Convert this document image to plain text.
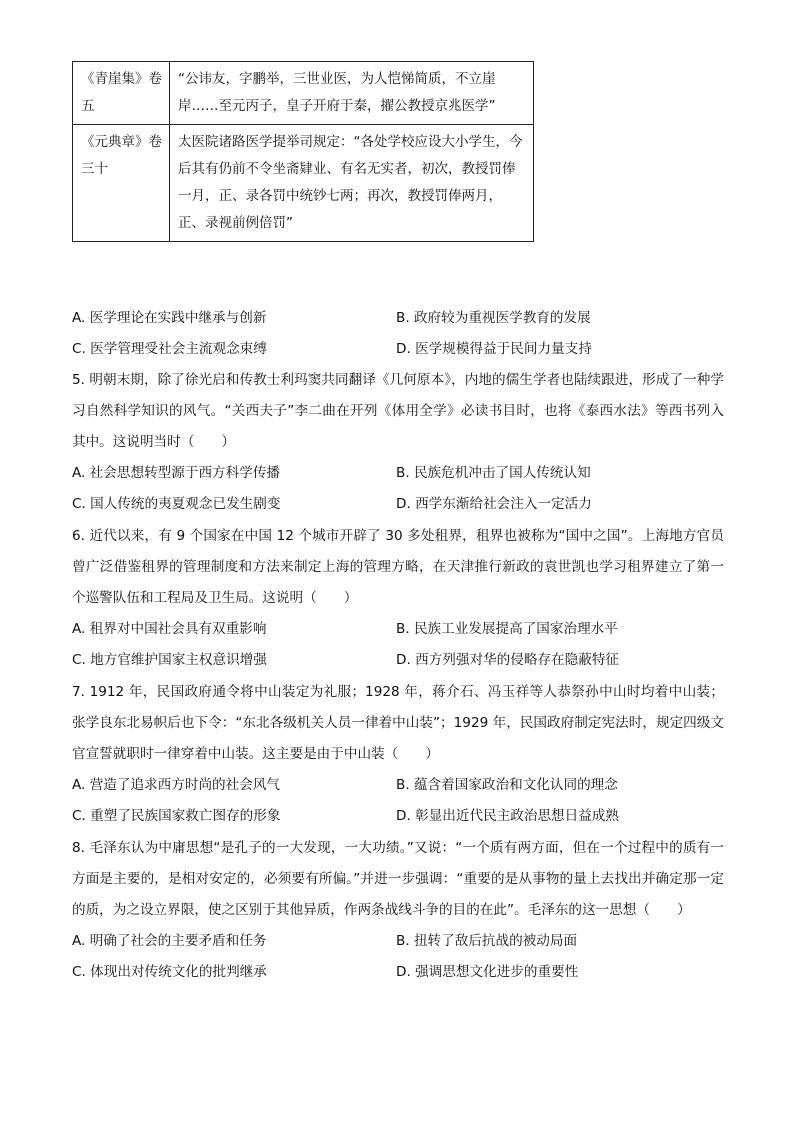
《青崖集》卷五	“公讳友，字鹏举，三世业医，为人恺悌简质，不立崖岸……至元丙子，皇子开府于秦，擢公教授京兆医学”
《元典章》卷三十	太医院诸路医学提举司规定：“各处学校应设大小学生，今后其有仍前不令坐斋肄业、有名无实者，初次，教授罚俸一月，正、录各罚中统钞七两；再次，教授罚俸两月，正、录视前例倍罚”
A. 医学理论在实践中继承与创新	B. 政府较为重视医学教育的发展
C. 医学管理受社会主流观念束缚	D. 医学规模得益于民间力量支持

5. 明朝末期，除了徐光启和传教士利玛窦共同翻译《几何原本》，内地的儒生学者也陆续跟进，形成了一种学习自然科学知识的风气。“关西夫子”李二曲在开列《体用全学》必读书目时，也将《泰西水法》等西书列入其中。这说明当时（　　）

A. 社会思想转型源于西方科学传播	B. 民族危机冲击了国人传统认知
C. 国人传统的夷夏观念已发生剧变	D. 西学东渐给社会注入一定活力

6. 近代以来，有 9 个国家在中国 12 个城市开辟了 30 多处租界，租界也被称为“国中之国”。上海地方官员曾广泛借鉴租界的管理制度和方法来制定上海的管理方略，在天津推行新政的袁世凯也学习租界建立了第一个巡警队伍和工程局及卫生局。这说明（　　）

A. 租界对中国社会具有双重影响	B. 民族工业发展提高了国家治理水平
C. 地方官维护国家主权意识增强	D. 西方列强对华的侵略存在隐蔽特征

7. 1912 年，民国政府通令将中山装定为礼服；1928 年，蒋介石、冯玉祥等人恭祭孙中山时均着中山装；张学良东北易帜后也下令：“东北各级机关人员一律着中山装”；1929 年，民国政府制定宪法时，规定四级文官宣誓就职时一律穿着中山装。这主要是由于中山装（　　）

A. 营造了追求西方时尚的社会风气	B. 蕴含着国家政治和文化认同的理念
C. 重塑了民族国家救亡图存的形象	D. 彰显出近代民主政治思想日益成熟

8. 毛泽东认为中庸思想“是孔子的一大发现，一大功绩。”又说：“一个质有两方面，但在一个过程中的质有一方面是主要的，是相对安定的，必须要有所偏。”并进一步强调：“重要的是从事物的量上去找出并确定那一定的质，为之设立界限，使之区别于其他异质，作两条战线斗争的目的在此”。毛泽东的这一思想（　　）

A. 明确了社会的主要矛盾和任务	B. 扭转了敌后抗战的被动局面
C. 体现出对传统文化的批判继承	D. 强调思想文化进步的重要性
